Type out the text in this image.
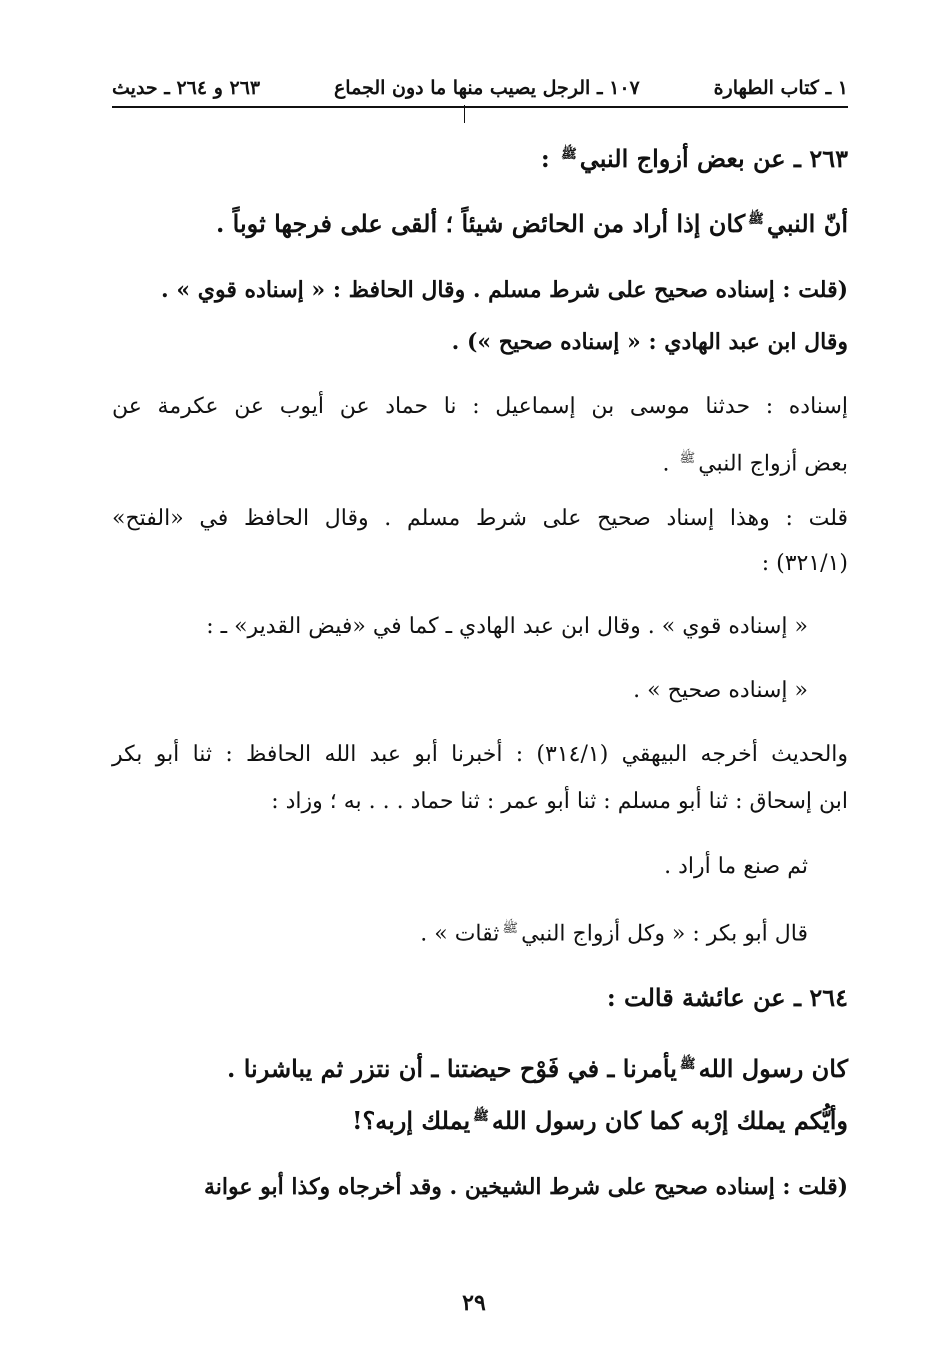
١ ـ كتاب الطهارة
١٠٧ ـ الرجل يصيب منها ما دون الجماع
٢٦٣ و ٢٦٤ ـ حديث
٢٦٣ ـ عن بعض أزواج النبيﷺ :
أنّ النبيﷺكان إذا أراد من الحائض شيئاً ؛ ألقى على فرجها ثوباً .
(قلت : إسناده صحيح على شرط مسلم . وقال الحافظ : « إسناده قوي » .
وقال ابن عبد الهادي : « إسناده صحيح ») .
إسناده : حدثنا موسى بن إسماعيل : نا حماد عن أيوب عن عكرمة عن
بعض أزواج النبيﷺ .
قلت : وهذا إسناد صحيح على شرط مسلم . وقال الحافظ في «الفتح»
(٣٢١/١) :
« إسناده قوي » . وقال ابن عبد الهادي ـ كما في «فيض القدير» ـ :
« إسناده صحيح » .
والحديث أخرجه البيهقي (٣١٤/١) : أخبرنا أبو عبد الله الحافظ : ثنا أبو بكر
ابن إسحاق : ثنا أبو مسلم : ثنا أبو عمر : ثنا حماد . . . به ؛ وزاد :
ثم صنع ما أراد .
قال أبو بكر : « وكل أزواج النبيﷺثقات » .
٢٦٤ ـ عن عائشة قالت :
كان رسول اللهﷺيأمرنا ـ في فَوْح حيضتنا ـ أن نتزر ثم يباشرنا .
وأيُّكم يملك إرْبه كما كان رسول اللهﷺيملك إربه؟!
(قلت : إسناده صحيح على شرط الشيخين . وقد أخرجاه وكذا أبو عوانة
٢٩
